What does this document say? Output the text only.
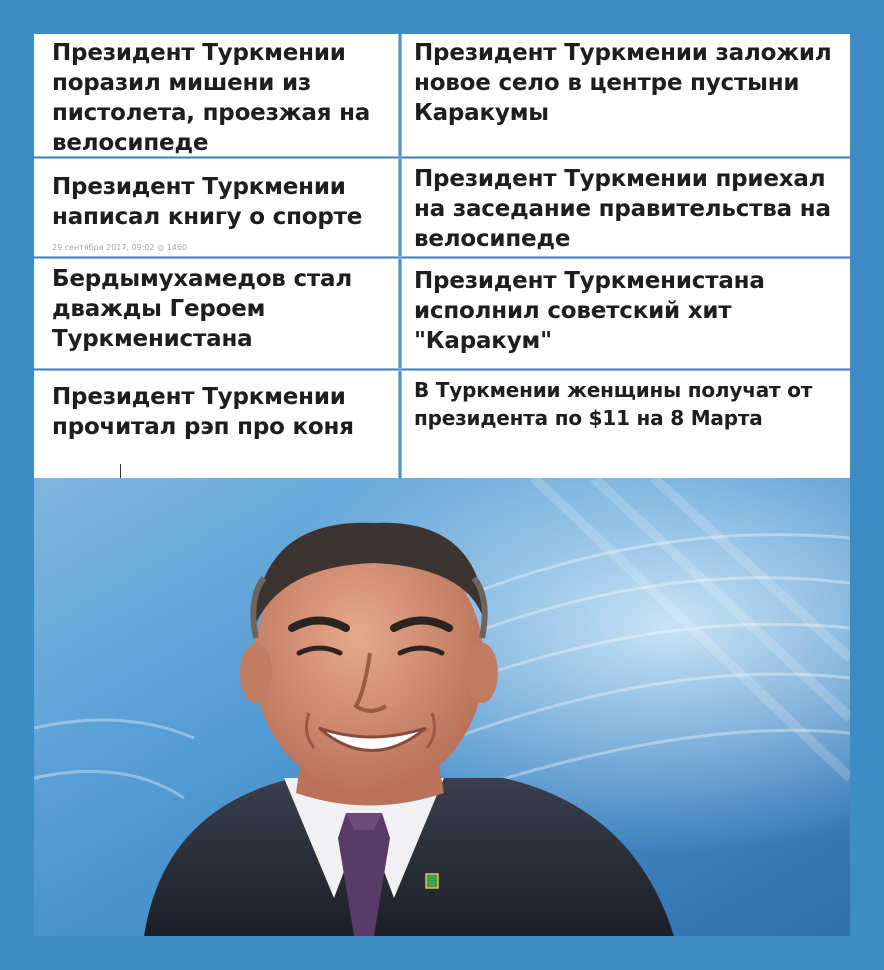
Президент Туркмении поразил мишени из пистолета, проезжая на велосипеде
Президент Туркмении заложил новое село в центре пустыни Каракумы
Президент Туркмении написал книгу о спорте
29 сентября 2017, 09:02 ◎ 1460
Президент Туркмении приехал на заседание правительства на велосипеде
Бердымухамедов стал дважды Героем Туркменистана
Президент Туркменистана исполнил советский хит "Каракум"
Президент Туркмении прочитал рэп про коня
В Туркмении женщины получат от президента по $11 на 8 Марта
